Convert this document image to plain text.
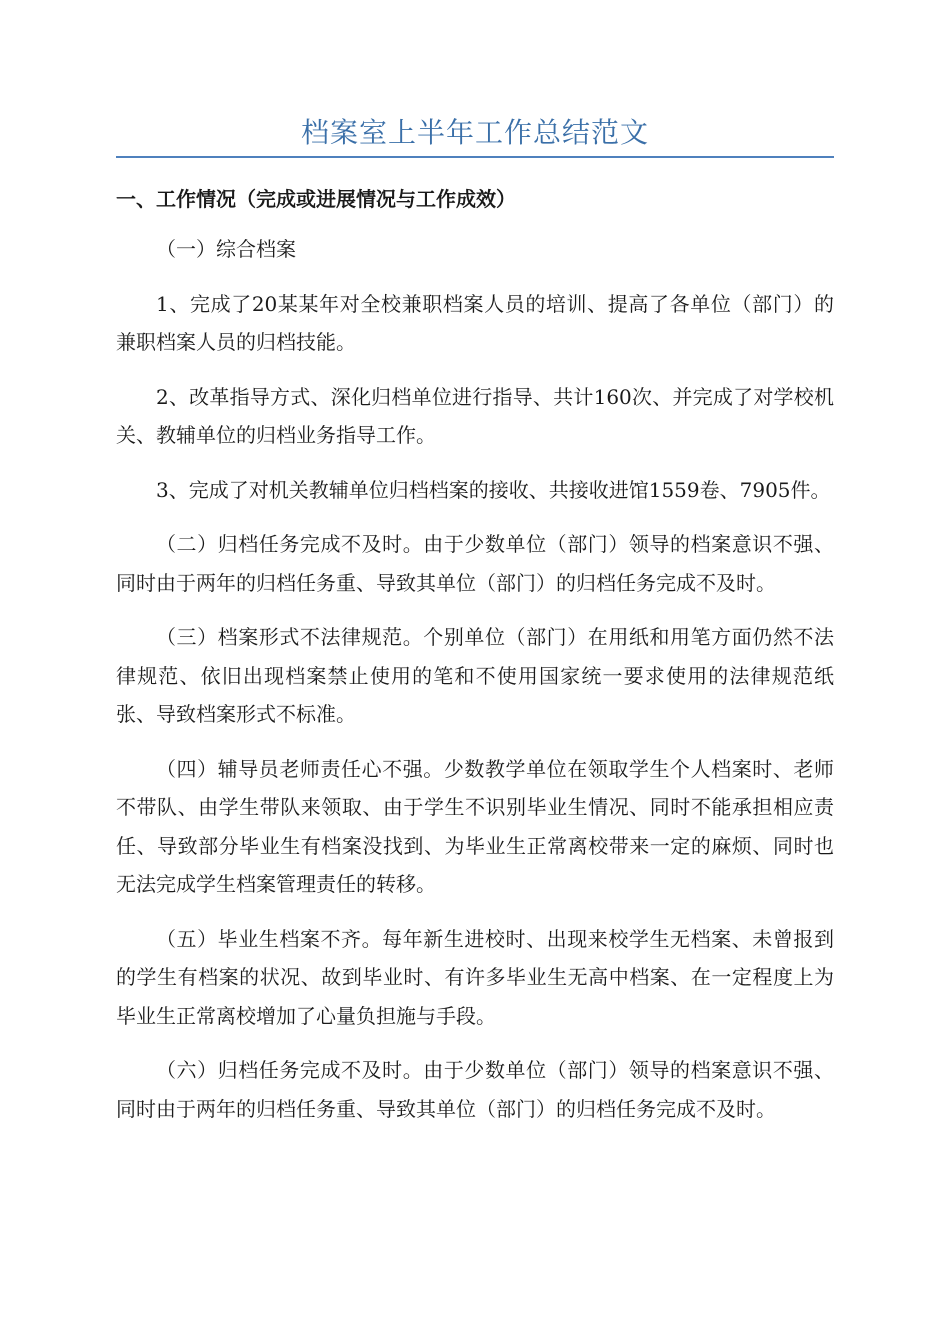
档案室上半年工作总结范文
一、工作情况（完成或进展情况与工作成效）

（一）综合档案

1、完成了20某某年对全校兼职档案人员的培训、提高了各单位（部门）的兼职档案人员的归档技能。

2、改革指导方式、深化归档单位进行指导、共计160次、并完成了对学校机关、教辅单位的归档业务指导工作。

3、完成了对机关教辅单位归档档案的接收、共接收进馆1559卷、7905件。

（二）归档任务完成不及时。由于少数单位（部门）领导的档案意识不强、同时由于两年的归档任务重、导致其单位（部门）的归档任务完成不及时。

（三）档案形式不法律规范。个别单位（部门）在用纸和用笔方面仍然不法律规范、依旧出现档案禁止使用的笔和不使用国家统一要求使用的法律规范纸张、导致档案形式不标准。

（四）辅导员老师责任心不强。少数教学单位在领取学生个人档案时、老师不带队、由学生带队来领取、由于学生不识别毕业生情况、同时不能承担相应责任、导致部分毕业生有档案没找到、为毕业生正常离校带来一定的麻烦、同时也无法完成学生档案管理责任的转移。

（五）毕业生档案不齐。每年新生进校时、出现来校学生无档案、未曾报到的学生有档案的状况、故到毕业时、有许多毕业生无高中档案、在一定程度上为毕业生正常离校增加了心量负担施与手段。

（六）归档任务完成不及时。由于少数单位（部门）领导的档案意识不强、同时由于两年的归档任务重、导致其单位（部门）的归档任务完成不及时。
